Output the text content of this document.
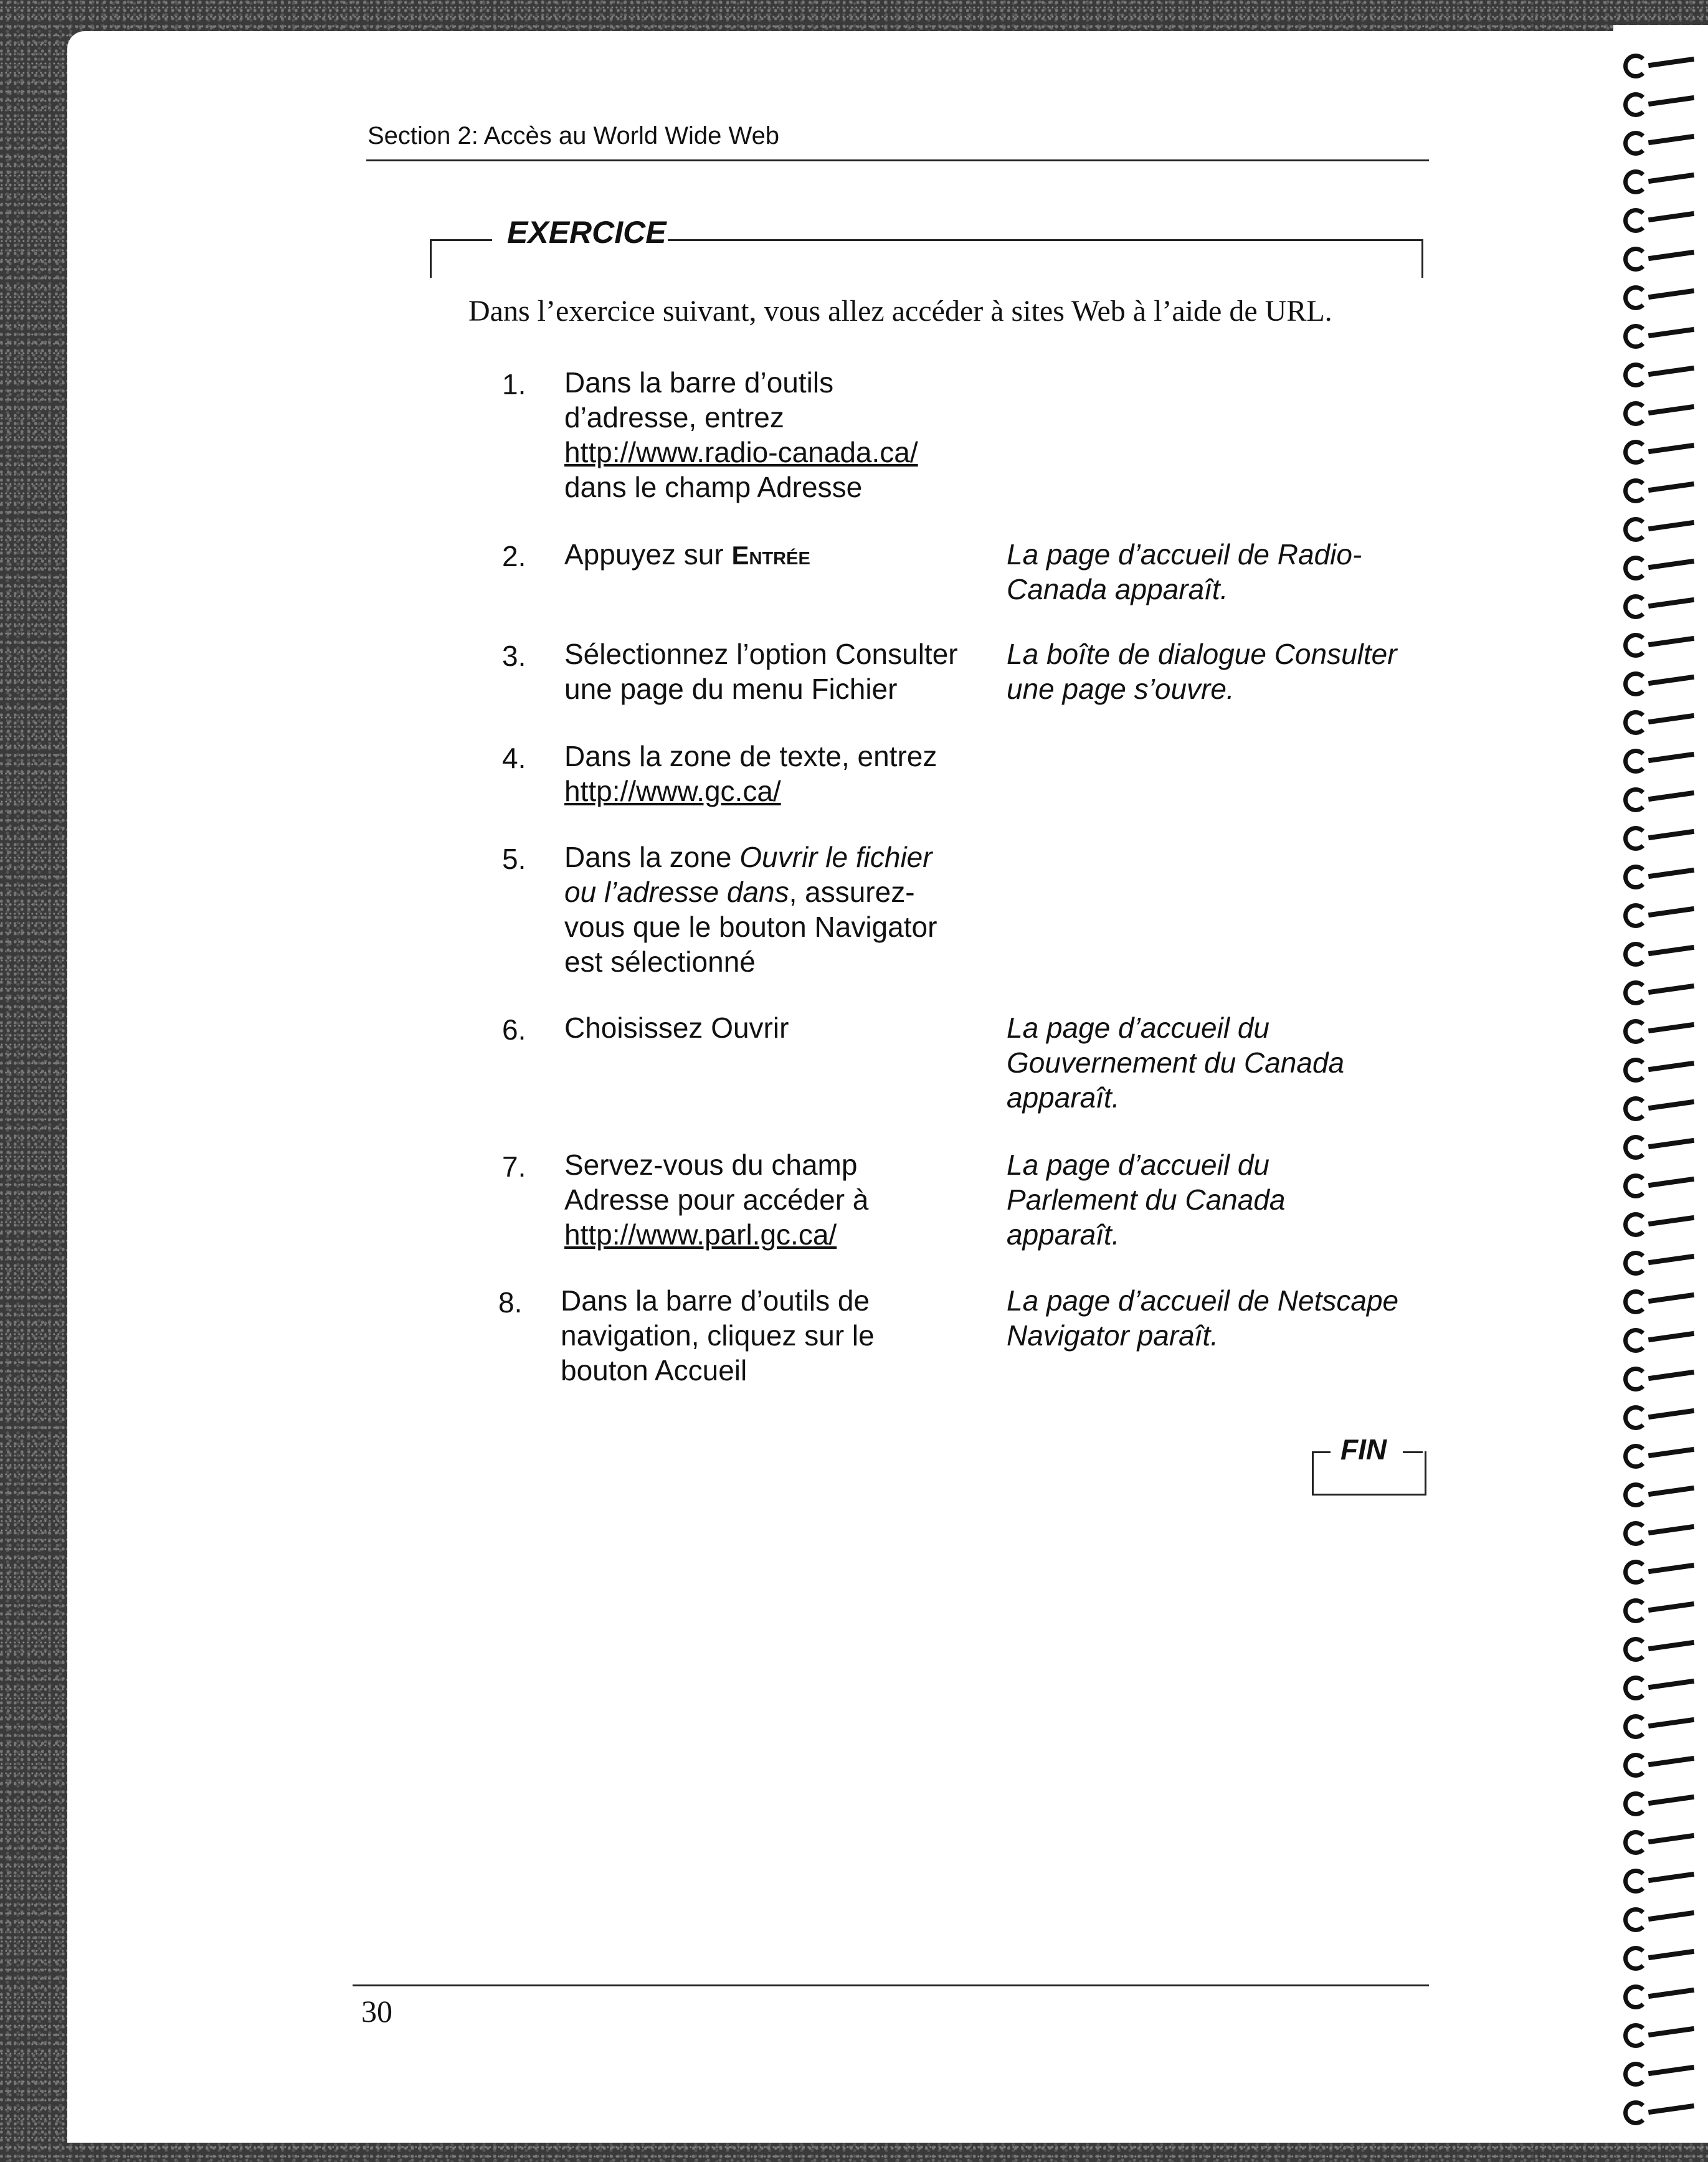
Section 2: Accès au World Wide Web
EXERCICE
Dans l’exercice suivant, vous allez accéder à sites Web à l’aide de URL.
1. Dans la barre d’outils
d’adresse, entrez
http://www.radio-canada.ca/
dans le champ Adresse
2. Appuyez sur Entrée	La page d’accueil de Radio-
Canada apparaît.
3. Sélectionnez l’option Consulter
une page du menu Fichier
La boîte de dialogue Consulter
une page s’ouvre.
4. Dans la zone de texte, entrez
http://www.gc.ca/
5. Dans la zone Ouvrir le fichier
ou l’adresse dans, assurez-
vous que le bouton Navigator
est sélectionné
6. Choisissez Ouvrir	La page d’accueil du
Gouvernement du Canada
apparaît.
7. Servez-vous du champ
Adresse pour accéder à
http://www.parl.gc.ca/
La page d’accueil du
Parlement du Canada
apparaît.
8. Dans la barre d’outils de
navigation, cliquez sur le
bouton Accueil
La page d’accueil de Netscape
Navigator paraît.
FIN
30
